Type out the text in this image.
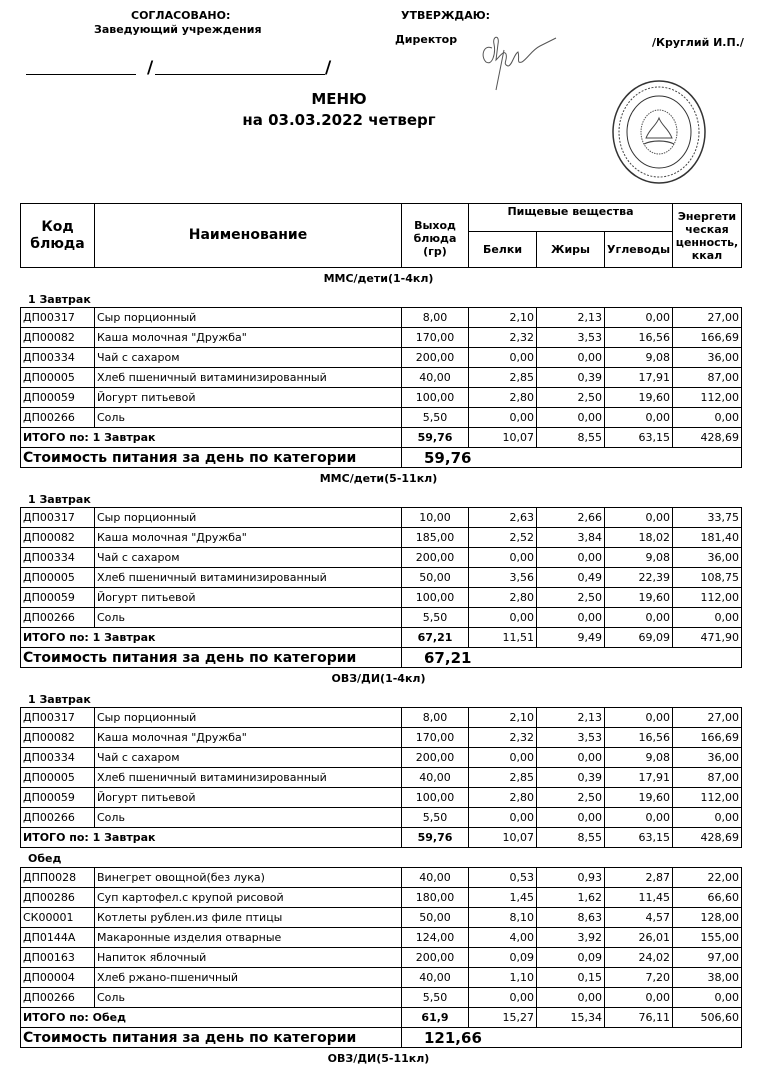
СОГЛАСОВАНО:
Заведующий учреждения
/	/
УТВЕРЖДАЮ:
Директор	/Круглий И.П./
МЕНЮ
на 03.03.2022 четверг
Код блюда	Наименование	Выход блюда (гр)	Пищевые вещества			Энергети ческая ценность, ккал
			Белки	Жиры	Углеводы	
ММС/дети(1-4кл)
1 Завтрак
ДП00317	Сыр порционный	8,00	2,10	2,13	0,00	27,00
ДП00082	Каша молочная "Дружба"	170,00	2,32	3,53	16,56	166,69
ДП00334	Чай с сахаром	200,00	0,00	0,00	9,08	36,00
ДП00005	Хлеб пшеничный витаминизированный	40,00	2,85	0,39	17,91	87,00
ДП00059	Йогурт питьевой	100,00	2,80	2,50	19,60	112,00
ДП00266	Соль	5,50	0,00	0,00	0,00	0,00
ИТОГО по: 1 Завтрак		59,76	10,07	8,55	63,15	428,69
Стоимость питания за день по категории		59,76				
ММС/дети(5-11кл)
1 Завтрак
ДП00317	Сыр порционный	10,00	2,63	2,66	0,00	33,75
ДП00082	Каша молочная "Дружба"	185,00	2,52	3,84	18,02	181,40
ДП00334	Чай с сахаром	200,00	0,00	0,00	9,08	36,00
ДП00005	Хлеб пшеничный витаминизированный	50,00	3,56	0,49	22,39	108,75
ДП00059	Йогурт питьевой	100,00	2,80	2,50	19,60	112,00
ДП00266	Соль	5,50	0,00	0,00	0,00	0,00
ИТОГО по: 1 Завтрак		67,21	11,51	9,49	69,09	471,90
Стоимость питания за день по категории		67,21				
ОВЗ/ДИ(1-4кл)
1 Завтрак
ДП00317	Сыр порционный	8,00	2,10	2,13	0,00	27,00
ДП00082	Каша молочная "Дружба"	170,00	2,32	3,53	16,56	166,69
ДП00334	Чай с сахаром	200,00	0,00	0,00	9,08	36,00
ДП00005	Хлеб пшеничный витаминизированный	40,00	2,85	0,39	17,91	87,00
ДП00059	Йогурт питьевой	100,00	2,80	2,50	19,60	112,00
ДП00266	Соль	5,50	0,00	0,00	0,00	0,00
ИТОГО по: 1 Завтрак		59,76	10,07	8,55	63,15	428,69
Обед
ДПП0028	Винегрет овощной(без лука)	40,00	0,53	0,93	2,87	22,00
ДП00286	Суп картофел.с крупой рисовой	180,00	1,45	1,62	11,45	66,60
СК00001	Котлеты рублен.из филе птицы	50,00	8,10	8,63	4,57	128,00
ДП0144А	Макаронные изделия отварные	124,00	4,00	3,92	26,01	155,00
ДП00163	Напиток яблочный	200,00	0,09	0,09	24,02	97,00
ДП00004	Хлеб ржано-пшеничный	40,00	1,10	0,15	7,20	38,00
ДП00266	Соль	5,50	0,00	0,00	0,00	0,00
ИТОГО по: Обед		61,9	15,27	15,34	76,11	506,60
Стоимость питания за день по категории		121,66				
ОВЗ/ДИ(5-11кл)
